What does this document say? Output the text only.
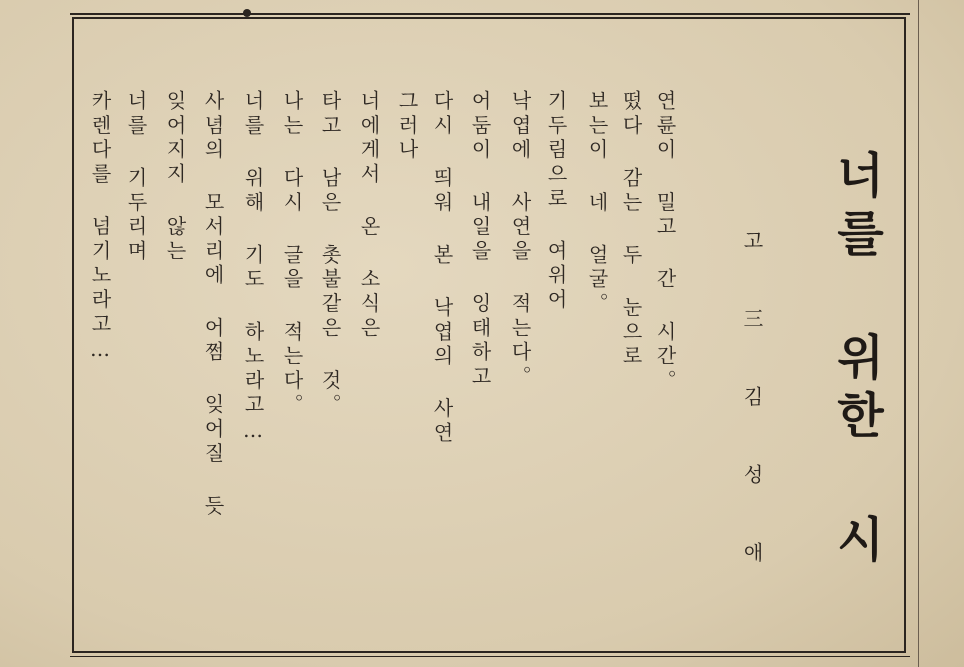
너를 위한 시
고 三 김 성 애
연륜이 밀고 간 시간。
떴다 감는 두 눈으로
보는이 네 얼굴。
기두림으로 여위어
낙엽에 사연을 적는다。
어둠이 내일을 잉태하고
다시 띄워 본 낙엽의 사연
그러나
너에게서 온 소식은
타고 남은 촛불같은 것。
나는 다시 글을 적는다。
너를 위해 기도 하노라고…
사념의 모서리에 어쩜 잊어질 듯
잊어지지 않는
너를 기두리며
카렌다를 넘기노라고…
